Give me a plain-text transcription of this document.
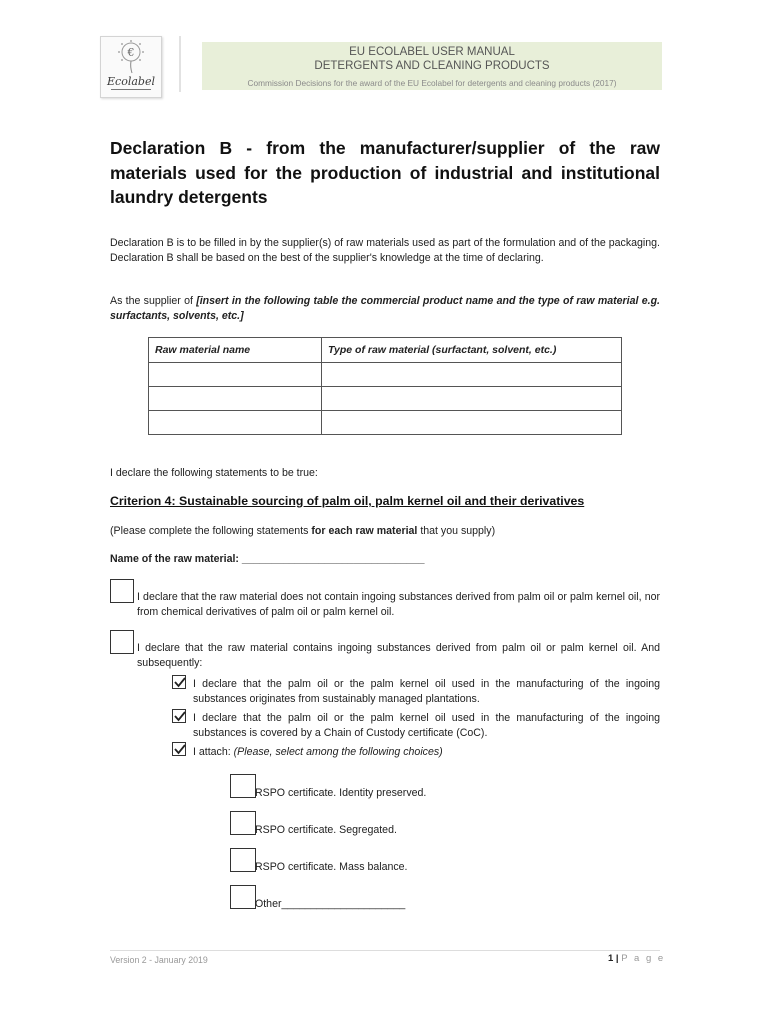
€
Ecolabel
EU ECOLABEL USER MANUAL
DETERGENTS AND CLEANING PRODUCTS
Commission Decisions for the award of the EU Ecolabel for detergents and cleaning products (2017)
Declaration B - from the manufacturer/supplier of the raw materials used for the production of industrial and institutional laundry detergents
Declaration B is to be filled in by the supplier(s) of raw materials used as part of the formulation and of the packaging. Declaration B shall be based on the best of the supplier's knowledge at the time of declaring.
As the supplier of [insert in the following table the commercial product name and the type of raw material e.g. surfactants, solvents, etc.]
Raw material name	Type of raw material (surfactant, solvent, etc.)

I declare the following statements to be true:
Criterion 4: Sustainable sourcing of palm oil, palm kernel oil and their derivatives
(Please complete the following statements for each raw material that you supply)
Name of the raw material: _______________________________
I declare that the raw material does not contain ingoing substances derived from palm oil or palm kernel oil, nor from chemical derivatives of palm oil or palm kernel oil.
I declare that the raw material contains ingoing substances derived from palm oil or palm kernel oil. And subsequently:
I declare that the palm oil or the palm kernel oil used in the manufacturing of the ingoing substances originates from sustainably managed plantations.
I declare that the palm oil or the palm kernel oil used in the manufacturing of the ingoing substances is covered by a Chain of Custody certificate (CoC).
I attach: (Please, select among the following choices)
RSPO certificate. Identity preserved.
RSPO certificate. Segregated.
RSPO certificate. Mass balance.
Other_____________________
Version 2 - January 2019	1 | P a g e
